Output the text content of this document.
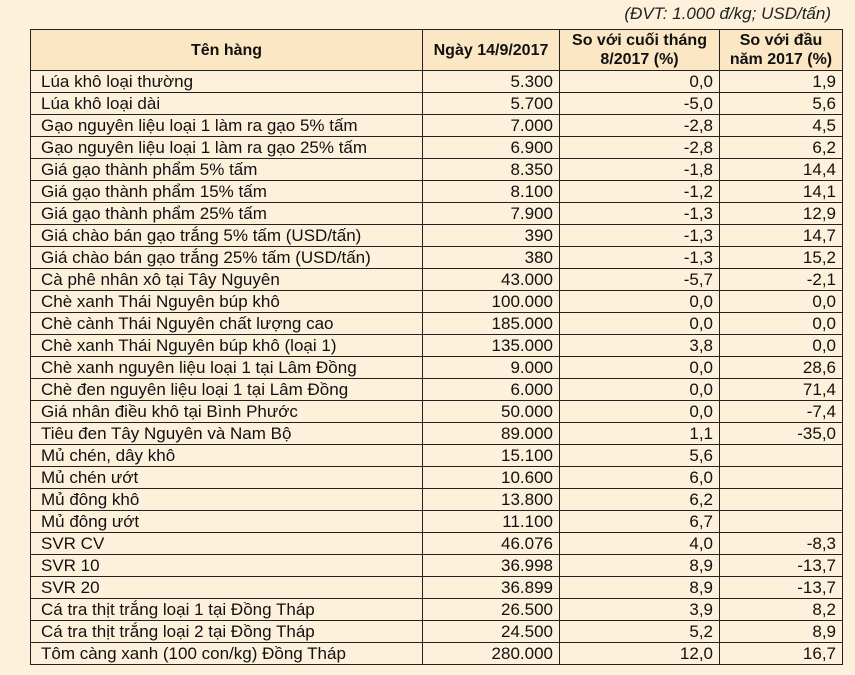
(ĐVT: 1.000 đ/kg; USD/tấn)
Tên hàng	Ngày 14/9/2017	So với cuối tháng 8/2017 (%)	So với đầu năm 2017 (%)
Lúa khô loại thường	5.300	0,0	1,9
Lúa khô loại dài	5.700	-5,0	5,6
Gạo nguyên liệu loại 1 làm ra gạo 5% tấm	7.000	-2,8	4,5
Gạo nguyên liệu loại 1 làm ra gạo 25% tấm	6.900	-2,8	6,2
Giá gạo thành phẩm 5% tấm	8.350	-1,8	14,4
Giá gạo thành phẩm 15% tấm	8.100	-1,2	14,1
Giá gạo thành phẩm 25% tấm	7.900	-1,3	12,9
Giá chào bán gạo trắng 5% tấm (USD/tấn)	390	-1,3	14,7
Giá chào bán gạo trắng 25% tấm (USD/tấn)	380	-1,3	15,2
Cà phê nhân xô tại Tây Nguyên	43.000	-5,7	-2,1
Chè xanh Thái Nguyên búp khô	100.000	0,0	0,0
Chè cành Thái Nguyên chất lượng cao	185.000	0,0	0,0
Chè xanh Thái Nguyên búp khô (loại 1)	135.000	3,8	0,0
Chè xanh nguyên liệu loại 1 tại Lâm Đồng	9.000	0,0	28,6
Chè đen nguyên liệu loại 1 tại Lâm Đồng	6.000	0,0	71,4
Giá nhân điều khô tại Bình Phước	50.000	0,0	-7,4
Tiêu đen Tây Nguyên và Nam Bộ	89.000	1,1	-35,0
Mủ chén, dây khô	15.100	5,6	
Mủ chén ướt	10.600	6,0	
Mủ đông khô	13.800	6,2	
Mủ đông ướt	11.100	6,7	
SVR CV	46.076	4,0	-8,3
SVR 10	36.998	8,9	-13,7
SVR 20	36.899	8,9	-13,7
Cá tra thịt trắng loại 1 tại Đồng Tháp	26.500	3,9	8,2
Cá tra thịt trắng loại 2 tại Đồng Tháp	24.500	5,2	8,9
Tôm càng xanh (100 con/kg) Đồng Tháp	280.000	12,0	16,7
